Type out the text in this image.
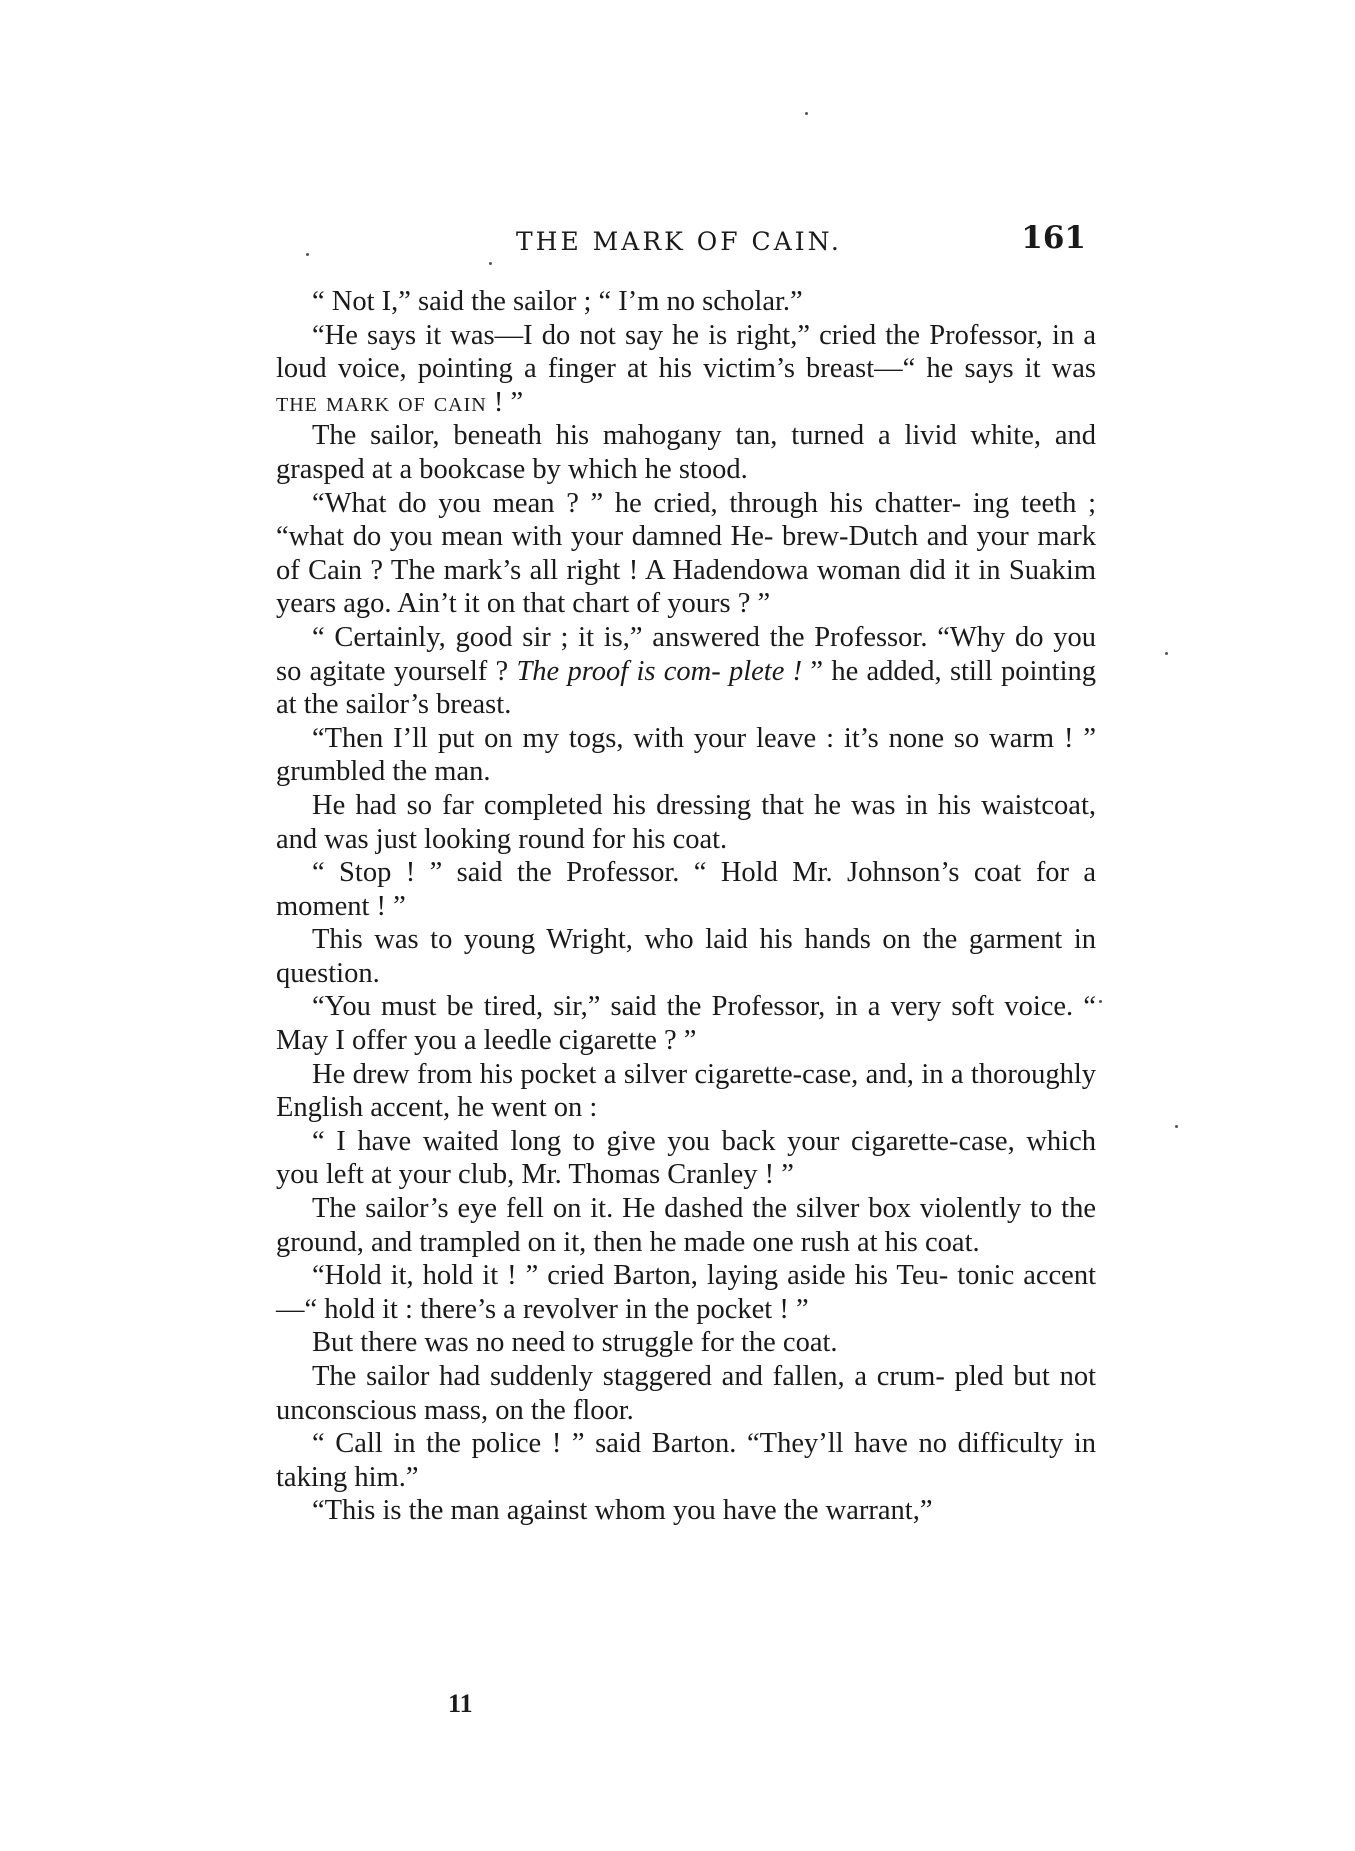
THE MARK OF CAIN.	161

“ Not I,” said the sailor ; “ I’m no scholar.”

“He says it was—I do not say he is right,” cried the Professor, in a loud voice, pointing a finger at his victim’s breast—“ he says it was the mark of cain ! ”

The sailor, beneath his mahogany tan, turned a livid white, and grasped at a bookcase by which he stood.

“What do you mean ? ” he cried, through his chatter- ing teeth ; “what do you mean with your damned He- brew-Dutch and your mark of Cain ? The mark’s all right ! A Hadendowa woman did it in Suakim years ago. Ain’t it on that chart of yours ? ”

“ Certainly, good sir ; it is,” answered the Professor. “Why do you so agitate yourself ? The proof is com- plete ! ” he added, still pointing at the sailor’s breast.

“Then I’ll put on my togs, with your leave : it’s none so warm ! ” grumbled the man.

He had so far completed his dressing that he was in his waistcoat, and was just looking round for his coat.

“ Stop ! ” said the Professor. “ Hold Mr. Johnson’s coat for a moment ! ”

This was to young Wright, who laid his hands on the garment in question.

“You must be tired, sir,” said the Professor, in a very soft voice. “ May I offer you a leedle cigarette ? ”

He drew from his pocket a silver cigarette-case, and, in a thoroughly English accent, he went on :

“ I have waited long to give you back your cigarette-case, which you left at your club, Mr. Thomas Cranley ! ”

The sailor’s eye fell on it. He dashed the silver box violently to the ground, and trampled on it, then he made one rush at his coat.

“Hold it, hold it ! ” cried Barton, laying aside his Teu- tonic accent—“ hold it : there’s a revolver in the pocket ! ”

But there was no need to struggle for the coat.

The sailor had suddenly staggered and fallen, a crum- pled but not unconscious mass, on the floor.

“ Call in the police ! ” said Barton. “They’ll have no difficulty in taking him.”

“This is the man against whom you have the warrant,”

11
